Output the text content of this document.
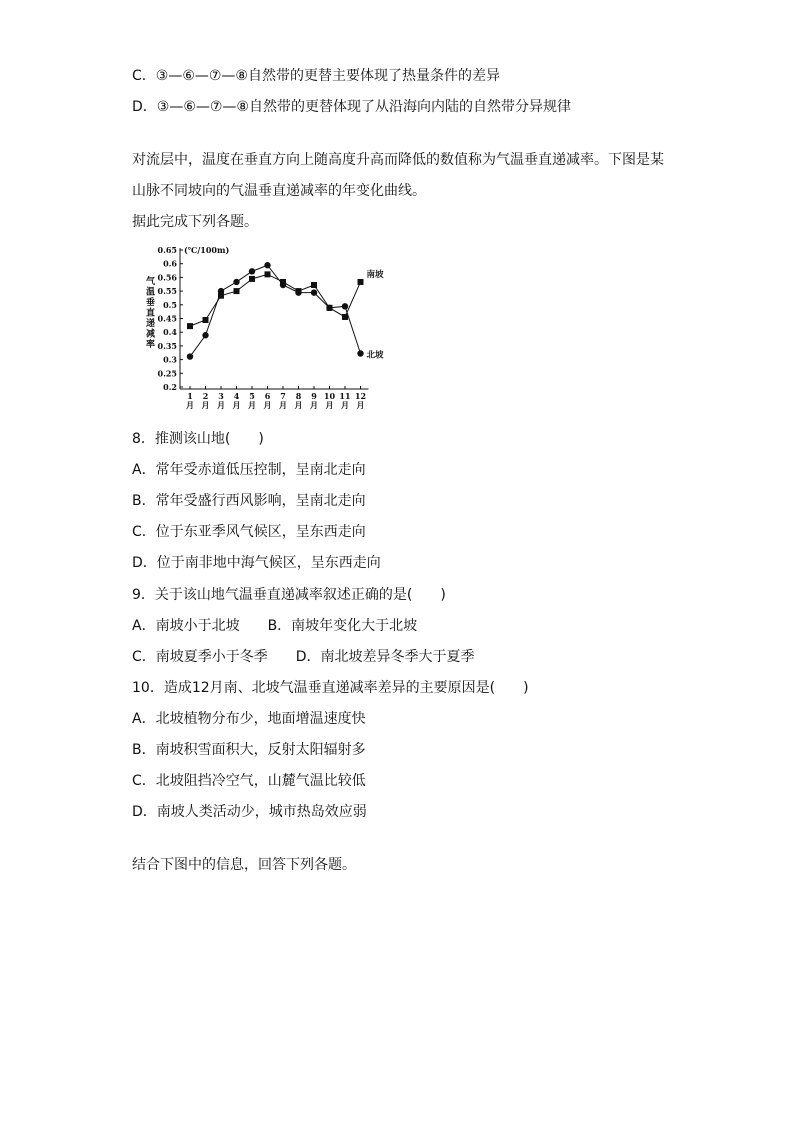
C．③—⑥—⑦—⑧自然带的更替主要体现了热量条件的差异
D．③—⑥—⑦—⑧自然带的更替体现了从沿海向内陆的自然带分异规律
对流层中，温度在垂直方向上随高度升高而降低的数值称为气温垂直递减率。下图是某
山脉不同坡向的气温垂直递减率的年变化曲线。
据此完成下列各题。
0.65
0.6
0.56
0.55
0.5
0.45
0.4
0.35
0.3
0.25
0.2
(℃/100m)
气温垂直递减率
1 月
2 月
3 月
4 月
5 月
6 月
7 月
8 月
9 月
10 月
11 月
12 月
南坡
北坡
8．推测该山地(　　)
A．常年受赤道低压控制，呈南北走向
B．常年受盛行西风影响，呈南北走向
C．位于东亚季风气候区，呈东西走向
D．位于南非地中海气候区，呈东西走向
9．关于该山地气温垂直递减率叙述正确的是(　　)
A．南坡小于北坡　　B．南坡年变化大于北坡
C．南坡夏季小于冬季　　D．南北坡差异冬季大于夏季
10．造成12月南、北坡气温垂直递减率差异的主要原因是(　　)
A．北坡植物分布少，地面增温速度快
B．南坡积雪面积大，反射太阳辐射多
C．北坡阻挡冷空气，山麓气温比较低
D．南坡人类活动少，城市热岛效应弱
结合下图中的信息，回答下列各题。
